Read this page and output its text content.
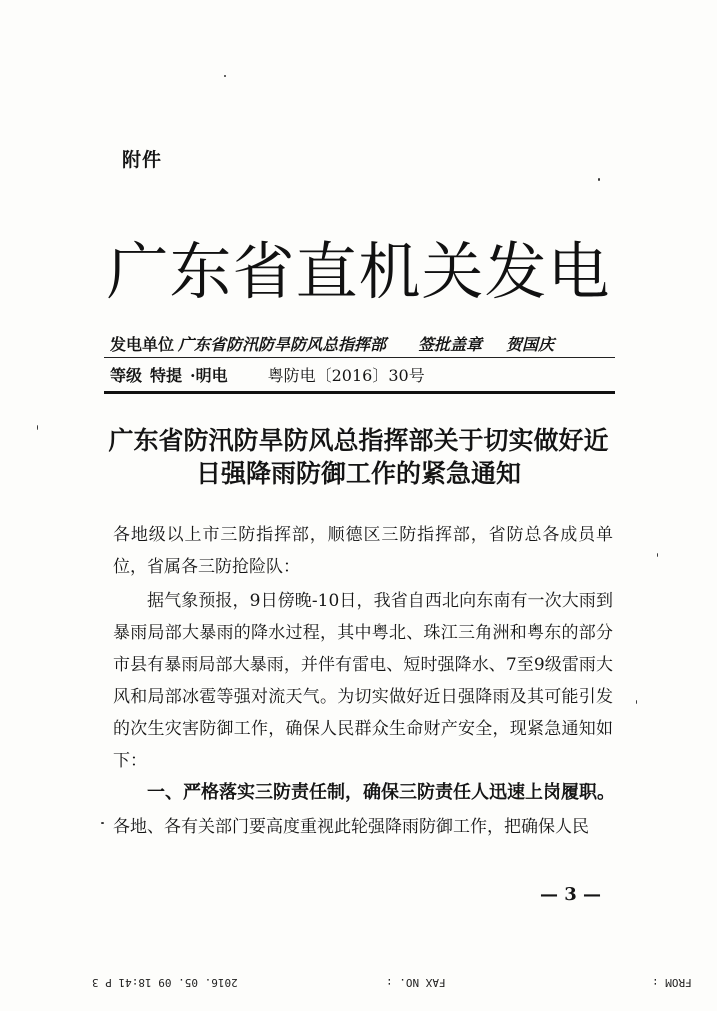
附件
广东省直机关发电
发电单位 广东省防汛防旱防风总指挥部 签批盖章 贺国庆
等级 特提 ·明电	粤防电〔2016〕30号
广东省防汛防旱防风总指挥部关于切实做好近日强降雨防御工作的紧急通知
各地级以上市三防指挥部，顺德区三防指挥部，省防总各成员单位，省属各三防抢险队：
据气象预报，9日傍晚-10日，我省自西北向东南有一次大雨到暴雨局部大暴雨的降水过程，其中粤北、珠江三角洲和粤东的部分市县有暴雨局部大暴雨，并伴有雷电、短时强降水、7至9级雷雨大风和局部冰雹等强对流天气。为切实做好近日强降雨及其可能引发的次生灾害防御工作，确保人民群众生命财产安全，现紧急通知如下：
一、严格落实三防责任制，确保三防责任人迅速上岗履职。
各地、各有关部门要高度重视此轮强降雨防御工作，把确保人民
— 3 —
FROM :
FAX NO. :
2016. 05. 09 18:41 P 3
